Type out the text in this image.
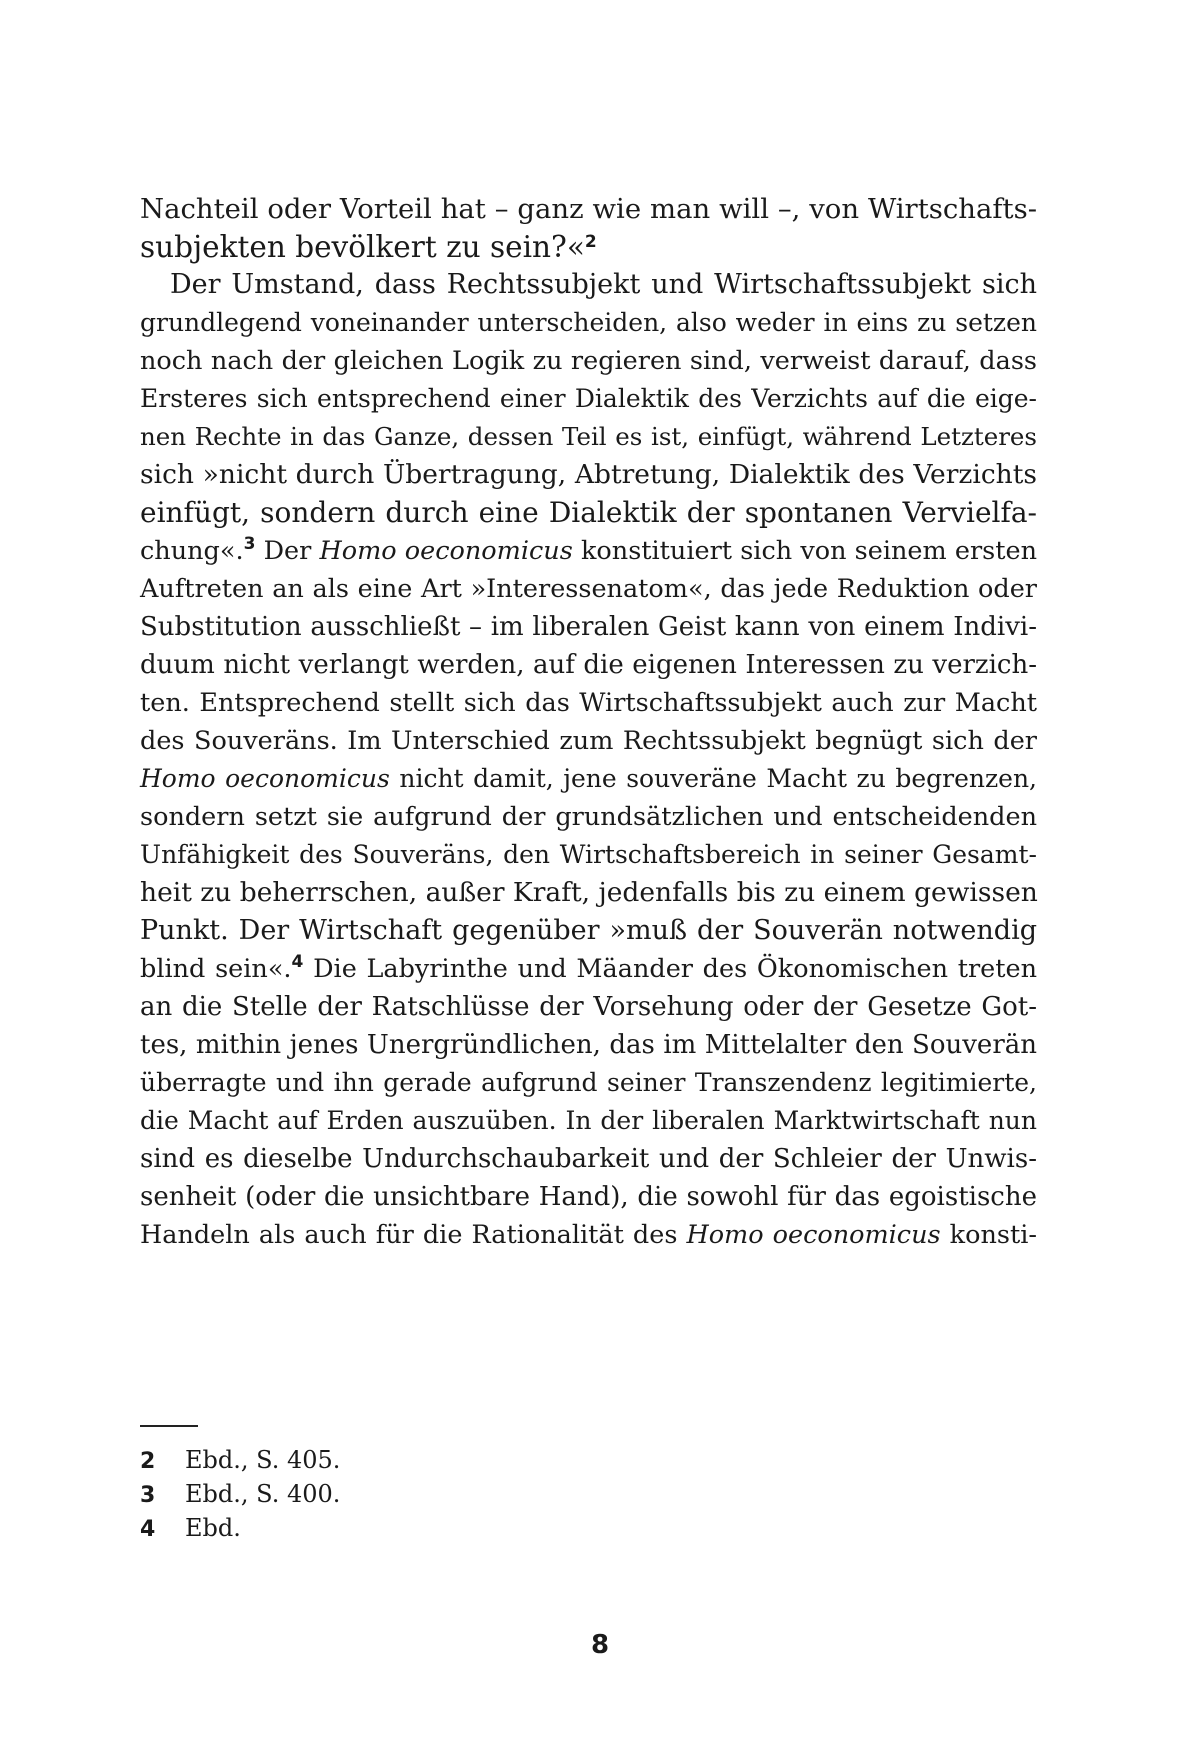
Nachteil oder Vorteil hat – ganz wie man will –, von Wirtschafts-
subjekten bevölkert zu sein?«$^2$
Der Umstand, dass Rechtssubjekt und Wirtschaftssubjekt sich
grundlegend voneinander unterscheiden, also weder in eins zu setzen
noch nach der gleichen Logik zu regieren sind, verweist darauf, dass
Ersteres sich entsprechend einer Dialektik des Verzichts auf die eige-
nen Rechte in das Ganze, dessen Teil es ist, einfügt, während Letzteres
sich »nicht durch Übertragung, Abtretung, Dialektik des Verzichts
einfügt, sondern durch eine Dialektik der spontanen Vervielfa-
chung«.$^3$ Der Homo oeconomicus konstituiert sich von seinem ersten
Auftreten an als eine Art »Interessenatom«, das jede Reduktion oder
Substitution ausschließt – im liberalen Geist kann von einem Indivi-
duum nicht verlangt werden, auf die eigenen Interessen zu verzich-
ten. Entsprechend stellt sich das Wirtschaftssubjekt auch zur Macht
des Souveräns. Im Unterschied zum Rechtssubjekt begnügt sich der
Homo oeconomicus nicht damit, jene souveräne Macht zu begrenzen,
sondern setzt sie aufgrund der grundsätzlichen und entscheidenden
Unfähigkeit des Souveräns, den Wirtschaftsbereich in seiner Gesamt-
heit zu beherrschen, außer Kraft, jedenfalls bis zu einem gewissen
Punkt. Der Wirtschaft gegenüber »muß der Souverän notwendig
blind sein«.$^4$ Die Labyrinthe und Mäander des Ökonomischen treten
an die Stelle der Ratschlüsse der Vorsehung oder der Gesetze Got-
tes, mithin jenes Unergründlichen, das im Mittelalter den Souverän
überragte und ihn gerade aufgrund seiner Transzendenz legitimierte,
die Macht auf Erden auszuüben. In der liberalen Marktwirtschaft nun
sind es dieselbe Undurchschaubarkeit und der Schleier der Unwis-
senheit (oder die unsichtbare Hand), die sowohl für das egoistische
Handeln als auch für die Rationalität des Homo oeconomicus konsti-
2 Ebd., S. 405.
3 Ebd., S. 400.
4 Ebd.
8
